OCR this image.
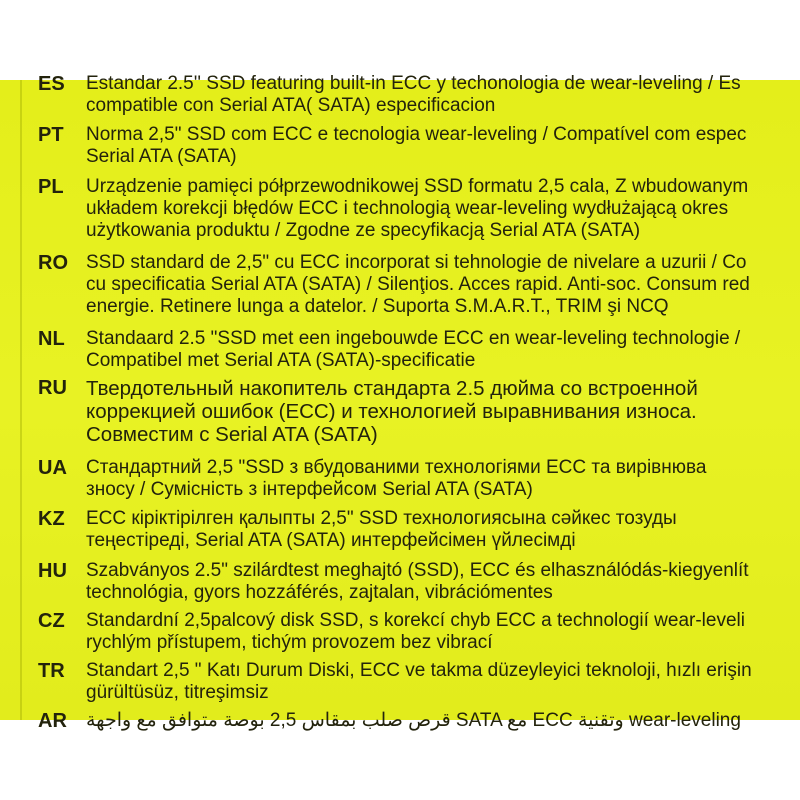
ES	Estandar 2.5'' SSD featuring built-in ECC y techonologia de wear-leveling / Es
compatible con Serial ATA( SATA) especificacion
PT	Norma 2,5" SSD com ECC e tecnologia wear-leveling / Compatível com espec
Serial ATA (SATA)
PL	Urządzenie pamięci półprzewodnikowej SSD formatu 2,5 cala, Z wbudowanym
układem korekcji błędów ECC i technologią wear-leveling wydłużającą okres
użytkowania produktu / Zgodne ze specyfikacją Serial ATA (SATA)
RO SSD standard de 2,5" cu ECC incorporat si tehnologie de nivelare a uzurii / Co
cu specificatia Serial ATA (SATA) / Silenţios. Acces rapid. Anti-soc. Consum red
energie. Retinere lunga a datelor. / Suporta S.M.A.R.T., TRIM şi NCQ
NL	Standaard 2.5 "SSD met een ingebouwde ECC en wear-leveling technologie /
Compatibel met Serial ATA (SATA)-specificatie
RU Твердотельный накопитель стандарта 2.5 дюйма со встроенной
коррекцией ошибок (ECC) и технологией выравнивания износа.
Совместим с Serial ATA (SATA)
UA	Стандартний 2,5 "SSD з вбудованими технологіями ECC та вирівнюва
зносу / Сумісність з інтерфейсом Serial ATA (SATA)
KZ	ECC кіріктірілген қалыпты 2,5" SSD технологиясына сәйкес тозуды
теңестіреді, Serial ATA (SATA) интерфейсімен үйлесімді
HU	Szabványos 2.5" szilárdtest meghajtó (SSD), ECC és elhasználódás-kiegyenlít
technológia, gyors hozzáférés, zajtalan, vibrációmentes
CZ	Standardní 2,5palcový disk SSD, s korekcí chyb ECC a technologií wear-leveli
rychlým přístupem, tichým provozem bez vibrací
TR	Standart 2,5 " Katı Durum Diski, ECC ve takma düzeyleyici teknoloji, hızlı erişin
gürültüsüz, titreşimsiz
AR	قرص صلب بمقاس 2,5 بوصة متوافق مع واجهة SATA مع ECC وتقنية wear-leveling
